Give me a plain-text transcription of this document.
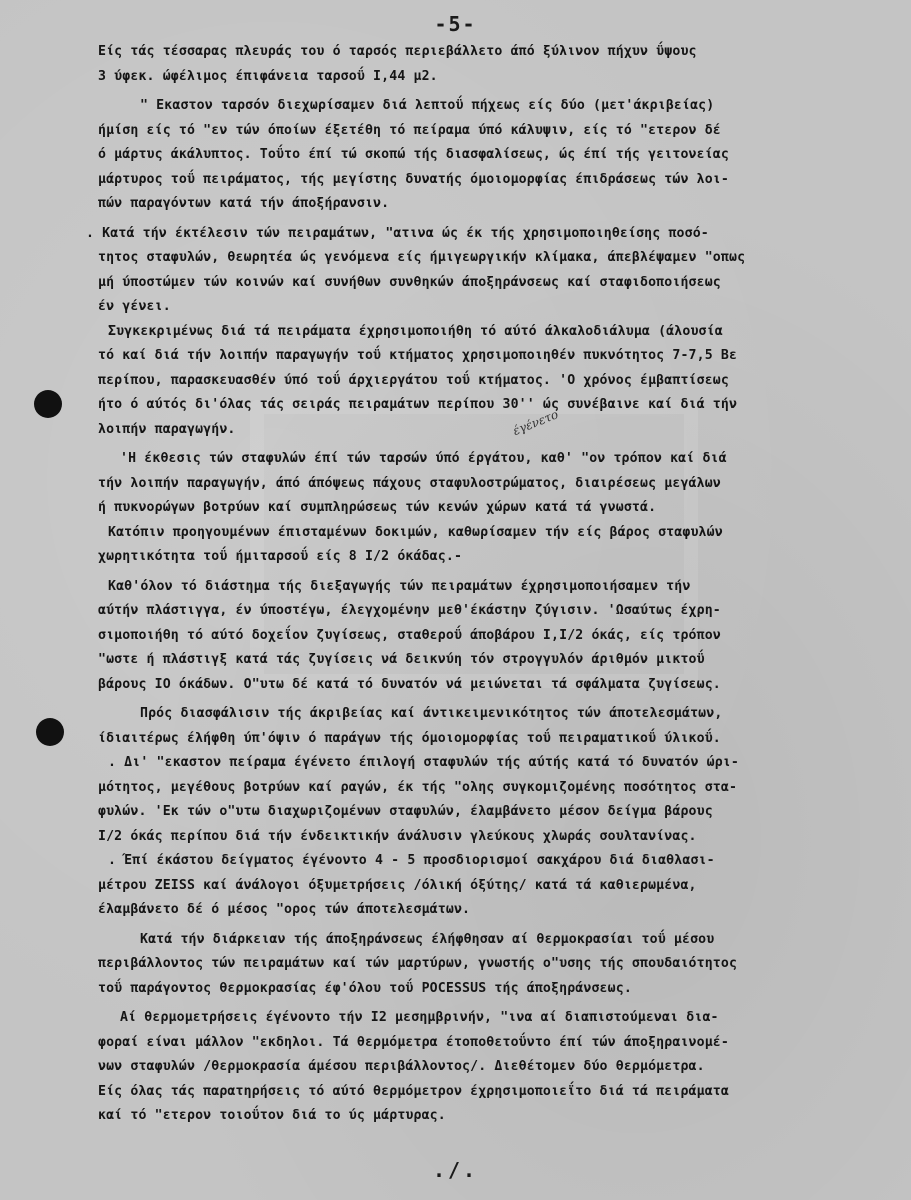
-5-
έγένετο
Είς τάς τέσσαρας πλευράς του ό ταρσός περιεβάλλετο άπό ξύλινον πήχυν ΰψους
3 ύφεκ. ώφέλιμος έπιφάνεια ταρσοΰ I,44 μ2.
" Εκαστον ταρσόν διεχωρίσαμεν διά λεπτοΰ πήχεως είς δύο (μετ'άκριβείας)
ήμίση είς τό "εν τών όποίων έξετέθη τό πείραμα ύπό κάλυψιν, είς τό "ετερον δέ
ό μάρτυς άκάλυπτος. Τοΰτο έπί τώ σκοπώ τής διασφαλίσεως, ώς έπί τής γειτονείας
μάρτυρος τοΰ πειράματος, τής μεγίστης δυνατής όμοιομορφίας έπιδράσεως τών λοι-
πών παραγόντων κατά τήν άποξήρανσιν.
. Κατά τήν έκτέλεσιν τών πειραμάτων, "ατινα ώς έκ τής χρησιμοποιηθείσης ποσό-
τητος σταφυλών, θεωρητέα ώς γενόμενα είς ήμιγεωργικήν κλίμακα, άπεβλέψαμεν "οπως
μή ύποστώμεν τών κοινών καί συνήθων συνθηκών άποξηράνσεως καί σταφιδοποιήσεως
έν γένει.
Συγκεκριμένως διά τά πειράματα έχρησιμοποιήθη τό αύτό άλκαλοδιάλυμα (άλουσία
τό καί διά τήν λοιπήν παραγωγήν τοΰ κτήματος χρησιμοποιηθέν πυκνότητος 7-7,5 Βε
περίπου, παρασκευασθέν ύπό τοΰ άρχιεργάτου τοΰ κτήματος. 'Ο χρόνος έμβαπτίσεως
ήτο ό αύτός δι'όλας τάς σειράς πειραμάτων περίπου 30'' ώς συνέβαινε καί διά τήν
λοιπήν παραγωγήν.
'Η έκθεσις τών σταφυλών έπί τών ταρσών ύπό έργάτου, καθ' "ον τρόπον καί διά
τήν λοιπήν παραγωγήν, άπό άπόψεως πάχους σταφυλοστρώματος, διαιρέσεως μεγάλων
ή πυκνορώγων βοτρύων καί συμπληρώσεως τών κενών χώρων κατά τά γνωστά.
Κατόπιν προηγουμένων έπισταμένων δοκιμών, καθωρίσαμεν τήν είς βάρος σταφυλών
χωρητικότητα τοΰ ήμιταρσοΰ είς 8 I/2 όκάδας.-
Καθ'όλον τό διάστημα τής διεξαγωγής τών πειραμάτων έχρησιμοποιήσαμεν τήν
αύτήν πλάστιγγα, έν ύποστέγω, έλεγχομένην μεθ'έκάστην ζύγισιν. 'Ωσαύτως έχρη-
σιμοποιήθη τό αύτό δοχεΐον ζυγίσεως, σταθεροΰ άποβάρου I,I/2 όκάς, είς τρόπον
"ωστε ή πλάστιγξ κατά τάς ζυγίσεις νά δεικνύη τόν στρογγυλόν άριθμόν μικτοΰ
βάρους IO όκάδων. Ο"υτω δέ κατά τό δυνατόν νά μειώνεται τά σφάλματα ζυγίσεως.
Πρός διασφάλισιν τής άκριβείας καί άντικειμενικότητος τών άποτελεσμάτων,
ίδιαιτέρως έλήφθη ύπ'όψιν ό παράγων τής όμοιομορφίας τοΰ πειραματικοΰ ύλικοΰ.
. Δι' "εκαστον πείραμα έγένετο έπιλογή σταφυλών τής αύτής κατά τό δυνατόν ώρι-
μότητος, μεγέθους βοτρύων καί ραγών, έκ τής "ολης συγκομιζομένης ποσότητος στα-
φυλών. 'Εκ τών ο"υτω διαχωριζομένων σταφυλών, έλαμβάνετο μέσον δείγμα βάρους
I/2 όκάς περίπου διά τήν ένδεικτικήν άνάλυσιν γλεύκους χλωράς σουλτανίνας.
. Έπί έκάστου δείγματος έγένοντο 4 - 5 προσδιορισμοί σακχάρου διά διαθλασι-
μέτρου ZEISS καί άνάλογοι όξυμετρήσεις /όλική όξύτης/ κατά τά καθιερωμένα,
έλαμβάνετο δέ ό μέσος "ορος τών άποτελεσμάτων.
Κατά τήν διάρκειαν τής άποξηράνσεως έλήφθησαν αί θερμοκρασίαι τοΰ μέσου
περιβάλλοντος τών πειραμάτων καί τών μαρτύρων, γνωστής ο"υσης τής σπουδαιότητος
τοΰ παράγοντος θερμοκρασίας έφ'όλου τοΰ POCESSUS τής άποξηράνσεως.
Αί θερμομετρήσεις έγένοντο τήν I2 μεσημβρινήν, "ινα αί διαπιστούμεναι δια-
φοραί είναι μάλλον "εκδηλοι. Τά θερμόμετρα έτοποθετοΰντο έπί τών άποξηραινομέ-
νων σταφυλών /θερμοκρασία άμέσου περιβάλλοντος/. Διεθέτομεν δύο θερμόμετρα.
Είς όλας τάς παρατηρήσεις τό αύτό θερμόμετρον έχρησιμοποιεΐτο διά τά πειράματα
καί τό "ετερον τοιοΰτον διά το ύς μάρτυρας.
./.
